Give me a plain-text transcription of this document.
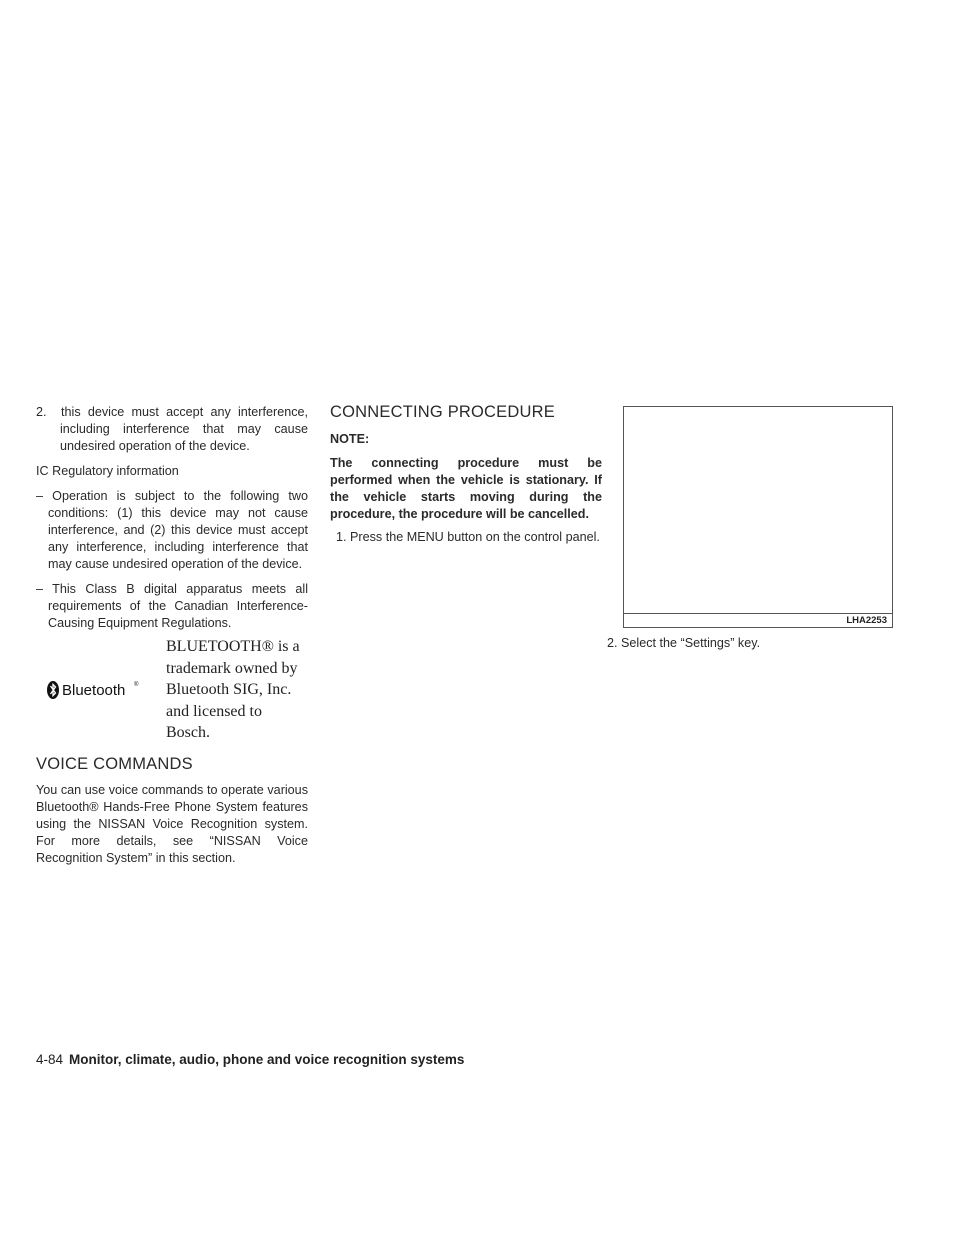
2. this device must accept any interference, including interference that may cause undesired operation of the device.

IC Regulatory information

– Operation is subject to the following two conditions: (1) this device may not cause interference, and (2) this device must accept any interference, including interference that may cause undesired operation of the device.

– This Class B digital apparatus meets all requirements of the Canadian Interference-Causing Equipment Regulations.

Bluetooth ®
BLUETOOTH® is a
trademark owned by
Bluetooth SIG, Inc.
and licensed to
Bosch.
VOICE COMMANDS

You can use voice commands to operate various Bluetooth® Hands-Free Phone System features using the NISSAN Voice Recognition system. For more details, see “NISSAN Voice Recognition System” in this section.

CONNECTING PROCEDURE

NOTE:

The connecting procedure must be performed when the vehicle is stationary. If the vehicle starts moving during the procedure, the procedure will be cancelled.

1. Press the MENU button on the control panel.

LHA2253

2. Select the “Settings” key.

4-84 Monitor, climate, audio, phone and voice recognition systems
